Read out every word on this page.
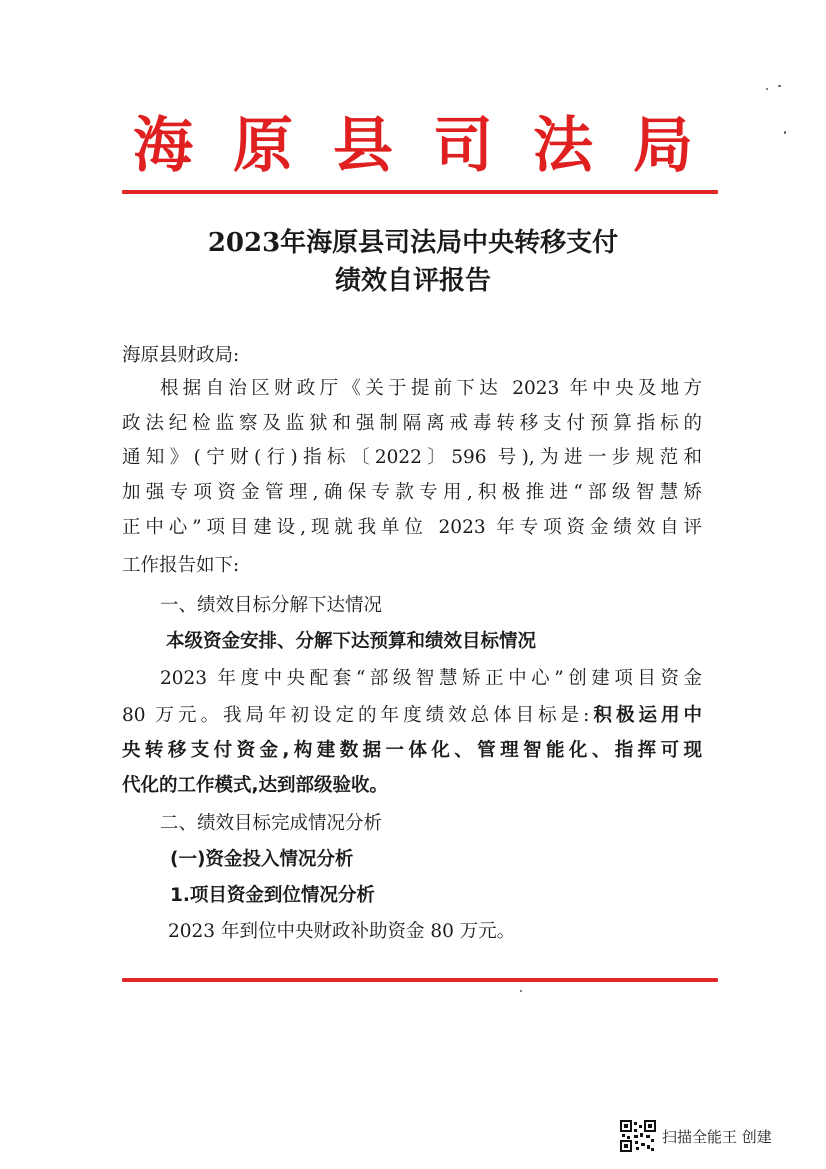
海原县司法局
2023年海原县司法局中央转移支付
绩效自评报告
海原县财政局:
根据自治区财政厅《关于提前下达 2023 年中央及地方
政法纪检监察及监狱和强制隔离戒毒转移支付预算指标的
通知》(宁财(行)指标〔2022〕596 号),为进一步规范和
加强专项资金管理,确保专款专用,积极推进“部级智慧矫
正中心”项目建设,现就我单位 2023 年专项资金绩效自评
工作报告如下:
一、绩效目标分解下达情况
本级资金安排、分解下达预算和绩效目标情况
2023 年度中央配套“部级智慧矫正中心”创建项目资金
80 万元。我局年初设定的年度绩效总体目标是:积极运用中
央转移支付资金,构建数据一体化、管理智能化、指挥可现
代化的工作模式,达到部级验收。
二、绩效目标完成情况分析
(一)资金投入情况分析
1.项目资金到位情况分析
2023 年到位中央财政补助资金 80 万元。
扫描全能王 创建
